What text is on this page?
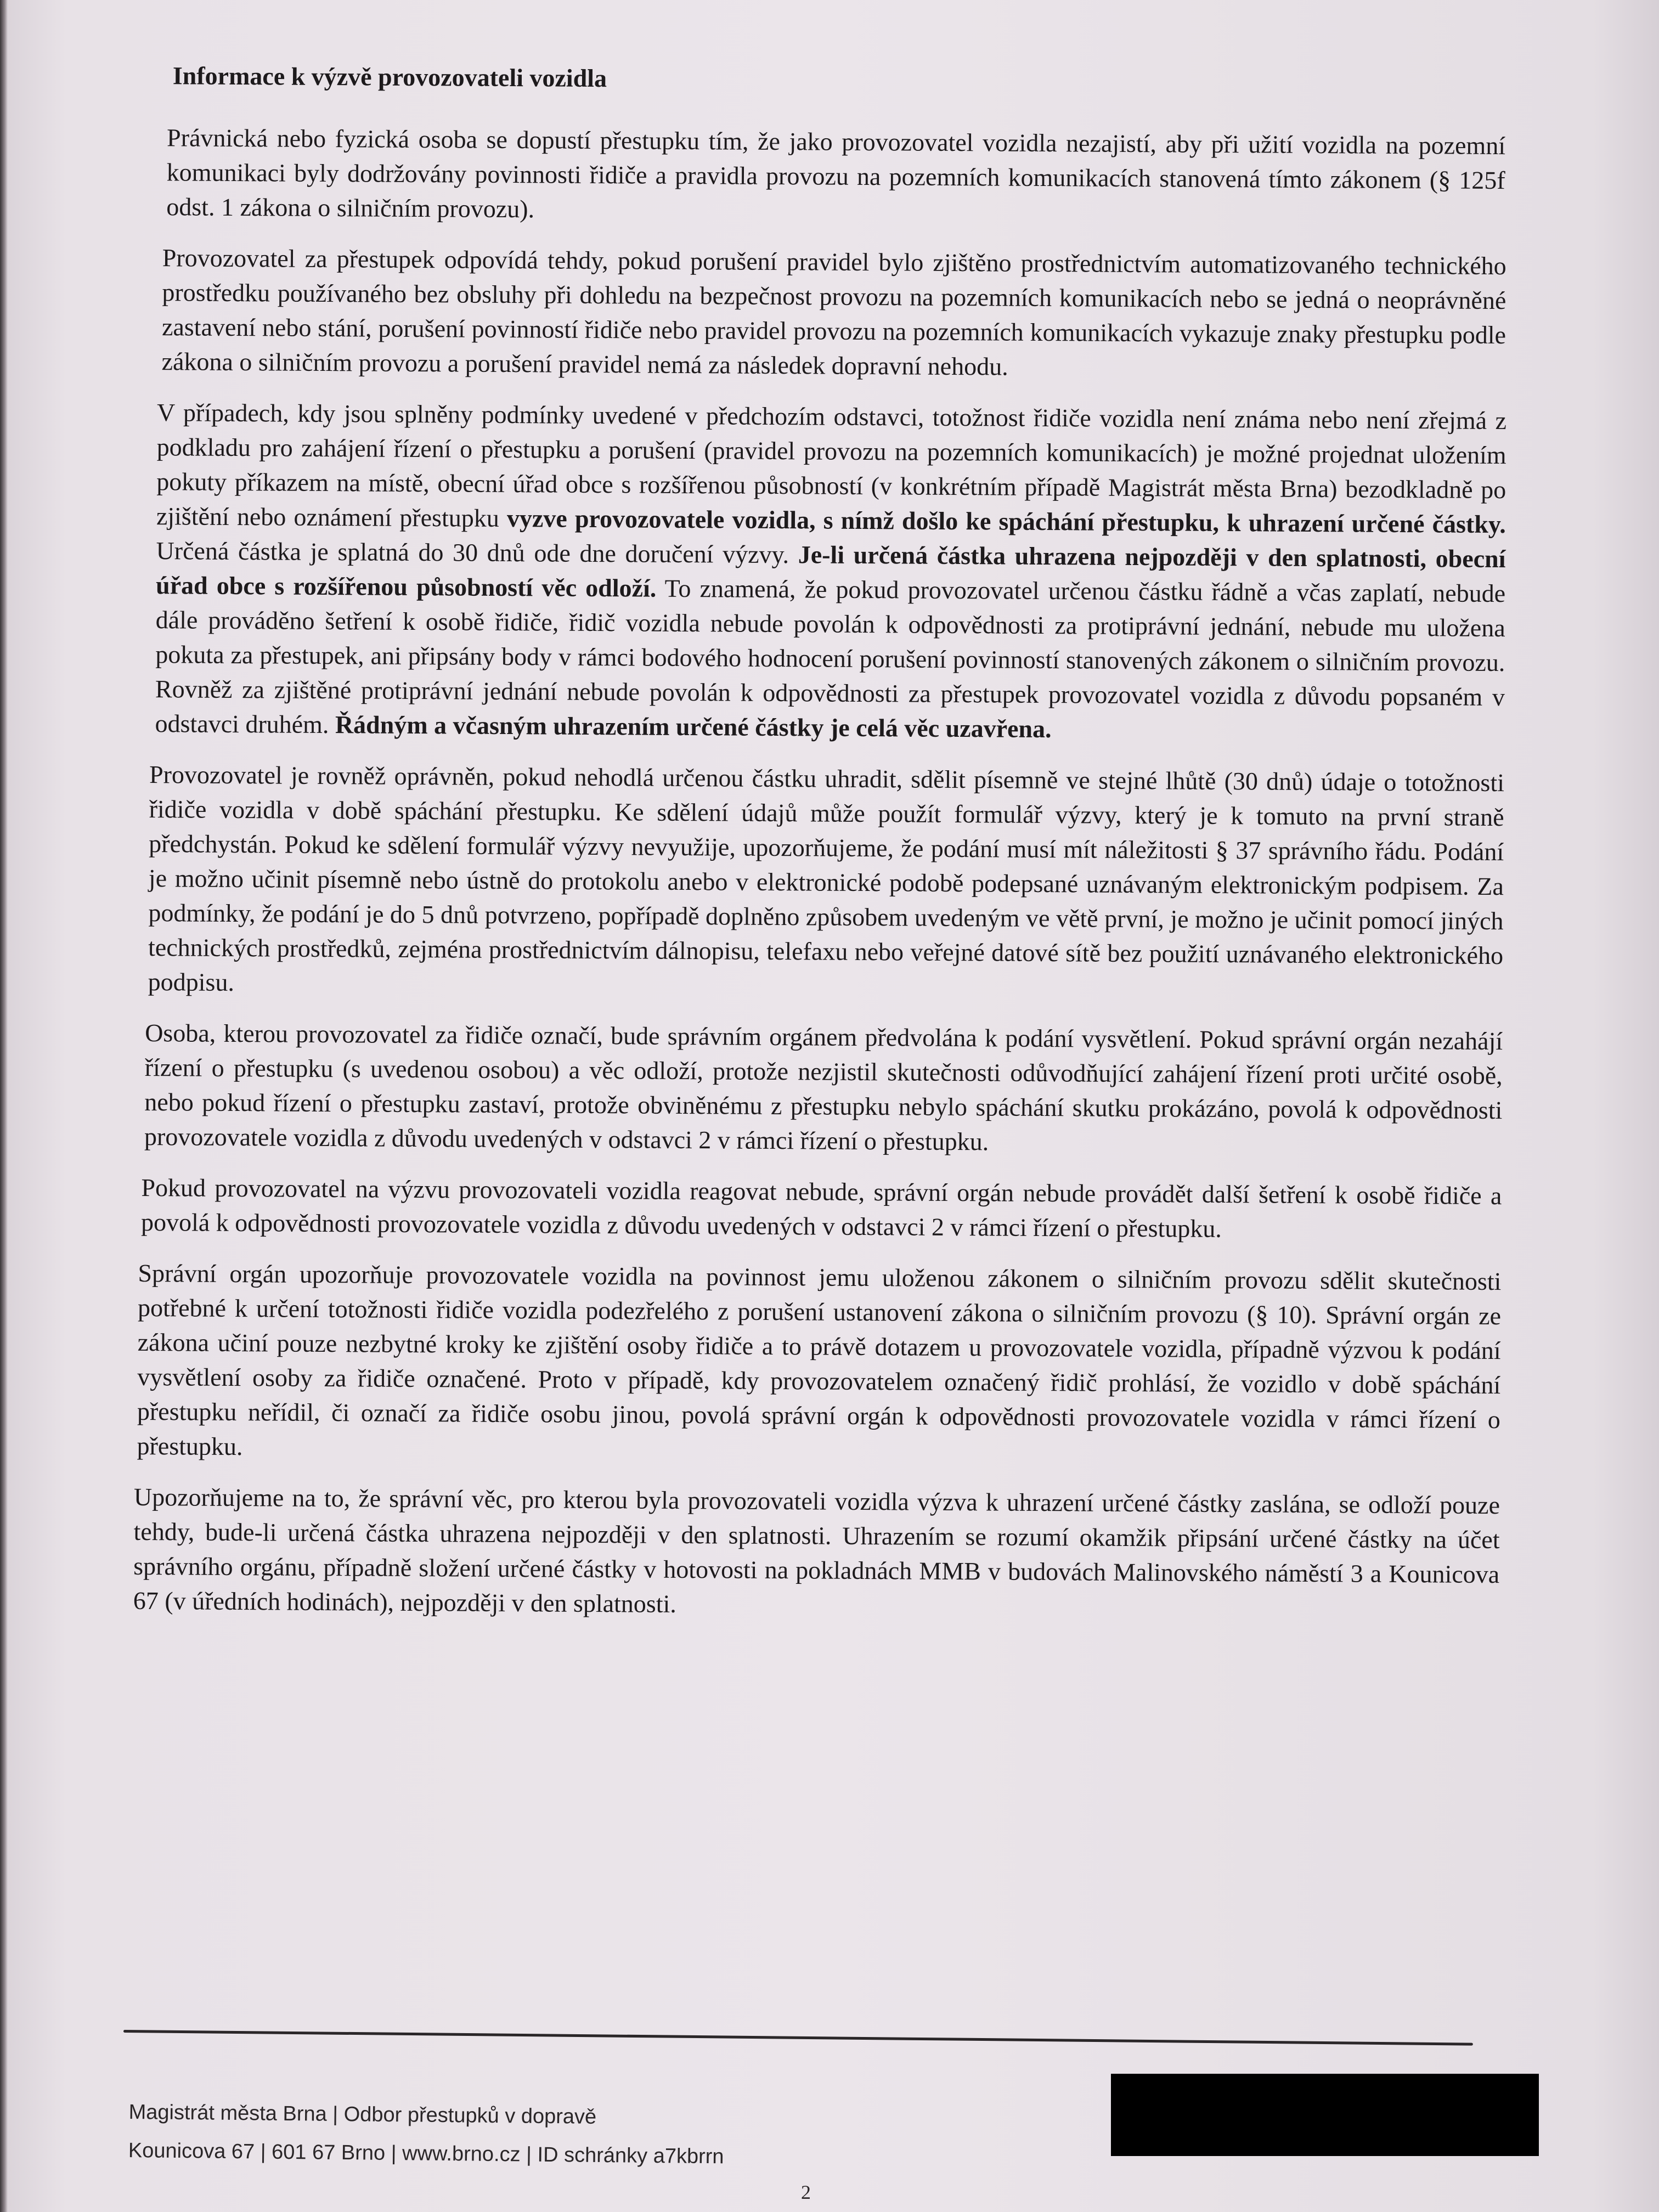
Informace k výzvě provozovateli vozidla

Právnická nebo fyzická osoba se dopustí přestupku tím, že jako provozovatel vozidla nezajistí, aby při užití vozidla na pozemní komunikaci byly dodržovány povinnosti řidiče a pravidla provozu na pozemních komunikacích stanovená tímto zákonem (§ 125f odst. 1 zákona o silničním provozu).

Provozovatel za přestupek odpovídá tehdy, pokud porušení pravidel bylo zjištěno prostřednictvím automatizovaného technického prostředku používaného bez obsluhy při dohledu na bezpečnost provozu na pozemních komunikacích nebo se jedná o neoprávněné zastavení nebo stání, porušení povinností řidiče nebo pravidel provozu na pozemních komunikacích vykazuje znaky přestupku podle zákona o silničním provozu a porušení pravidel nemá za následek dopravní nehodu.

V případech, kdy jsou splněny podmínky uvedené v předchozím odstavci, totožnost řidiče vozidla není známa nebo není zřejmá z podkladu pro zahájení řízení o přestupku a porušení (pravidel provozu na pozemních komunikacích) je možné projednat uložením pokuty příkazem na místě, obecní úřad obce s rozšířenou působností (v konkrétním případě Magistrát města Brna) bezodkladně po zjištění nebo oznámení přestupku vyzve provozovatele vozidla, s nímž došlo ke spáchání přestupku, k uhrazení určené částky. Určená částka je splatná do 30 dnů ode dne doručení výzvy. Je-li určená částka uhrazena nejpozději v den splatnosti, obecní úřad obce s rozšířenou působností věc odloží. To znamená, že pokud provozovatel určenou částku řádně a včas zaplatí, nebude dále prováděno šetření k osobě řidiče, řidič vozidla nebude povolán k odpovědnosti za protiprávní jednání, nebude mu uložena pokuta za přestupek, ani připsány body v rámci bodového hodnocení porušení povinností stanovených zákonem o silničním provozu. Rovněž za zjištěné protiprávní jednání nebude povolán k odpovědnosti za přestupek provozovatel vozidla z důvodu popsaném v odstavci druhém. Řádným a včasným uhrazením určené částky je celá věc uzavřena.

Provozovatel je rovněž oprávněn, pokud nehodlá určenou částku uhradit, sdělit písemně ve stejné lhůtě (30 dnů) údaje o totožnosti řidiče vozidla v době spáchání přestupku. Ke sdělení údajů může použít formulář výzvy, který je k tomuto na první straně předchystán. Pokud ke sdělení formulář výzvy nevyužije, upozorňujeme, že podání musí mít náležitosti § 37 správního řádu. Podání je možno učinit písemně nebo ústně do protokolu anebo v elektronické podobě podepsané uznávaným elektronickým podpisem. Za podmínky, že podání je do 5 dnů potvrzeno, popřípadě doplněno způsobem uvedeným ve větě první, je možno je učinit pomocí jiných technických prostředků, zejména prostřednictvím dálnopisu, telefaxu nebo veřejné datové sítě bez použití uznávaného elektronického podpisu.

Osoba, kterou provozovatel za řidiče označí, bude správním orgánem předvolána k podání vysvětlení. Pokud správní orgán nezahájí řízení o přestupku (s uvedenou osobou) a věc odloží, protože nezjistil skutečnosti odůvodňující zahájení řízení proti určité osobě, nebo pokud řízení o přestupku zastaví, protože obviněnému z přestupku nebylo spáchání skutku prokázáno, povolá k odpovědnosti provozovatele vozidla z důvodu uvedených v odstavci 2 v rámci řízení o přestupku.

Pokud provozovatel na výzvu provozovateli vozidla reagovat nebude, správní orgán nebude provádět další šetření k osobě řidiče a povolá k odpovědnosti provozovatele vozidla z důvodu uvedených v odstavci 2 v rámci řízení o přestupku.

Správní orgán upozorňuje provozovatele vozidla na povinnost jemu uloženou zákonem o silničním provozu sdělit skutečnosti potřebné k určení totožnosti řidiče vozidla podezřelého z porušení ustanovení zákona o silničním provozu (§ 10). Správní orgán ze zákona učiní pouze nezbytné kroky ke zjištění osoby řidiče a to právě dotazem u provozovatele vozidla, případně výzvou k podání vysvětlení osoby za řidiče označené. Proto v případě, kdy provozovatelem označený řidič prohlásí, že vozidlo v době spáchání přestupku neřídil, či označí za řidiče osobu jinou, povolá správní orgán k odpovědnosti provozovatele vozidla v rámci řízení o přestupku.

Upozorňujeme na to, že správní věc, pro kterou byla provozovateli vozidla výzva k uhrazení určené částky zaslána, se odloží pouze tehdy, bude-li určená částka uhrazena nejpozději v den splatnosti. Uhrazením se rozumí okamžik připsání určené částky na účet správního orgánu, případně složení určené částky v hotovosti na pokladnách MMB v budovách Malinovského náměstí 3 a Kounicova 67 (v úředních hodinách), nejpozději v den splatnosti.

Magistrát města Brna | Odbor přestupků v dopravě
Kounicova 67 | 601 67 Brno | www.brno.cz | ID schránky a7kbrrn
2
